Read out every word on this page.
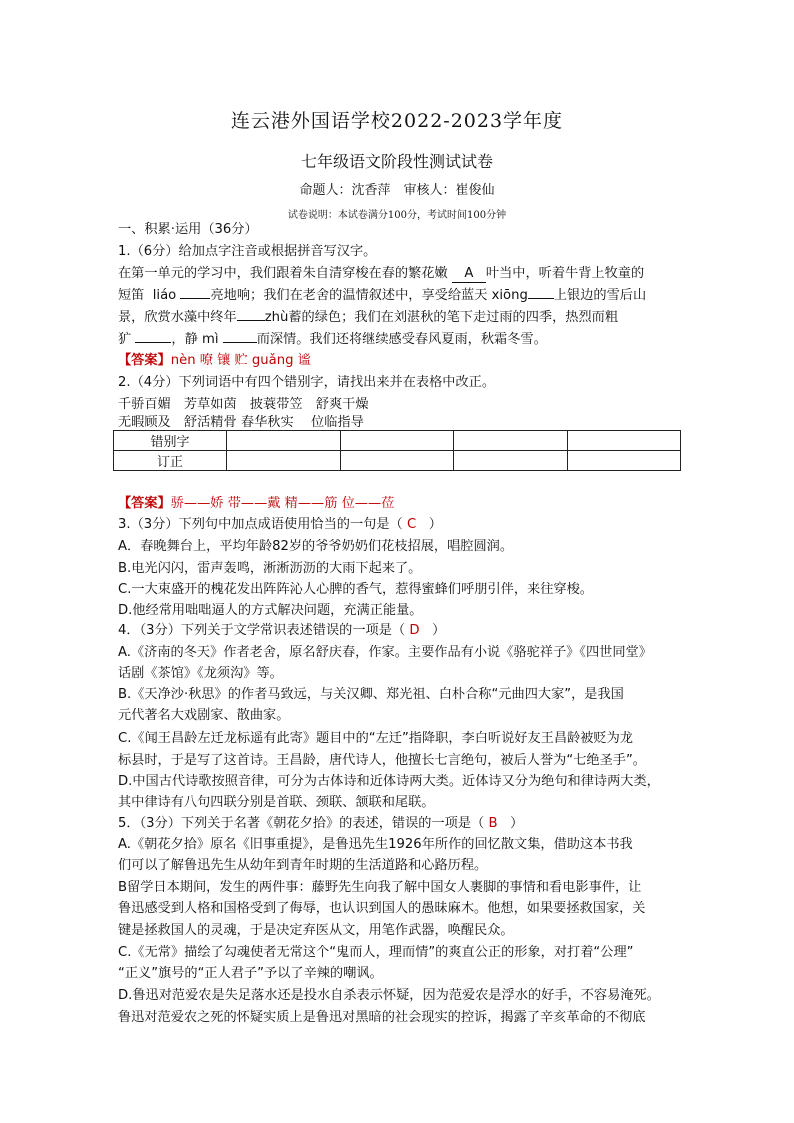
连云港外国语学校2022-2023学年度
七年级语文阶段性测试试卷
命题人：沈香萍　审核人：崔俊仙
试卷说明：本试卷满分100分，考试时间100分钟
一、积累·运用（36分）
1.（6分）给加点字注音或根据拼音写汉字。
在第一单元的学习中，我们跟着朱自清穿梭在春的繁花嫩 A 叶当中，听着牛背上牧童的
短笛 liáo	亮地响；我们在老舍的温情叙述中，享受给蓝天 xiōng 上银边的雪后山
景，欣赏水藻中终年 zhù蓄的绿色；我们在刘湛秋的笔下走过雨的四季，热烈而粗
犷	，静 mì	而深情。我们还将继续感受春风夏雨，秋霜冬雪。
【答案】nèn 嘹 镶 贮 guǎng 谧
2.（4分）下列词语中有四个错别字，请找出来并在表格中改正。
千骄百媚　芳草如茵　披蓑带笠　舒爽干燥
无暇顾及　舒活精骨 春华秋实　 位临指导
错别字				
订正				
【答案】骄——娇 带——戴 精——筋 位——莅
3.（3分）下列句中加点成语使用恰当的一句是（ C ）
A．春晚舞台上，平均年龄82岁的爷爷奶奶们花枝招展，唱腔圆润。
B.电光闪闪，雷声轰鸣，淅淅沥沥的大雨下起来了。
C.一大束盛开的槐花发出阵阵沁人心脾的香气，惹得蜜蜂们呼朋引伴，来往穿梭。
D.他经常用咄咄逼人的方式解决问题，充满正能量。
4．（3分）下列关于文学常识表述错误的一项是（ D ）
A.《济南的冬天》作者老舍，原名舒庆春，作家。主要作品有小说《骆驼祥子》《四世同堂》
话剧《茶馆》《龙须沟》等。
B.《天净沙·秋思》的作者马致远，与关汉卿、郑光祖、白朴合称“元曲四大家”，是我国
元代著名大戏剧家、散曲家。
C.《闻王昌龄左迁龙标遥有此寄》题目中的“左迁”指降职，李白听说好友王昌龄被贬为龙
标县时，于是写了这首诗。王昌龄，唐代诗人，他擅长七言绝句，被后人誉为“七绝圣手”。
D.中国古代诗歌按照音律，可分为古体诗和近体诗两大类。近体诗又分为绝句和律诗两大类，
其中律诗有八句四联分别是首联、颈联、颔联和尾联。
5．（3分）下列关于名著《朝花夕拾》的表述，错误的一项是（ B ）
A.《朝花夕拾》原名《旧事重提》，是鲁迅先生1926年所作的回忆散文集，借助这本书我
们可以了解鲁迅先生从幼年到青年时期的生活道路和心路历程。
B留学日本期间，发生的两件事：藤野先生向我了解中国女人裹脚的事情和看电影事件，让
鲁迅感受到人格和国格受到了侮辱，也认识到国人的愚昧麻木。他想，如果要拯救国家，关
键是拯救国人的灵魂，于是决定弃医从文，用笔作武器，唤醒民众。
C.《无常》描绘了勾魂使者无常这个“鬼而人，理而情”的爽直公正的形象，对打着“公理”
“正义”旗号的“正人君子”予以了辛辣的嘲讽。
D.鲁迅对范爱农是失足落水还是投水自杀表示怀疑，因为范爱农是浮水的好手，不容易淹死。
鲁迅对范爱农之死的怀疑实质上是鲁迅对黑暗的社会现实的控诉，揭露了辛亥革命的不彻底
